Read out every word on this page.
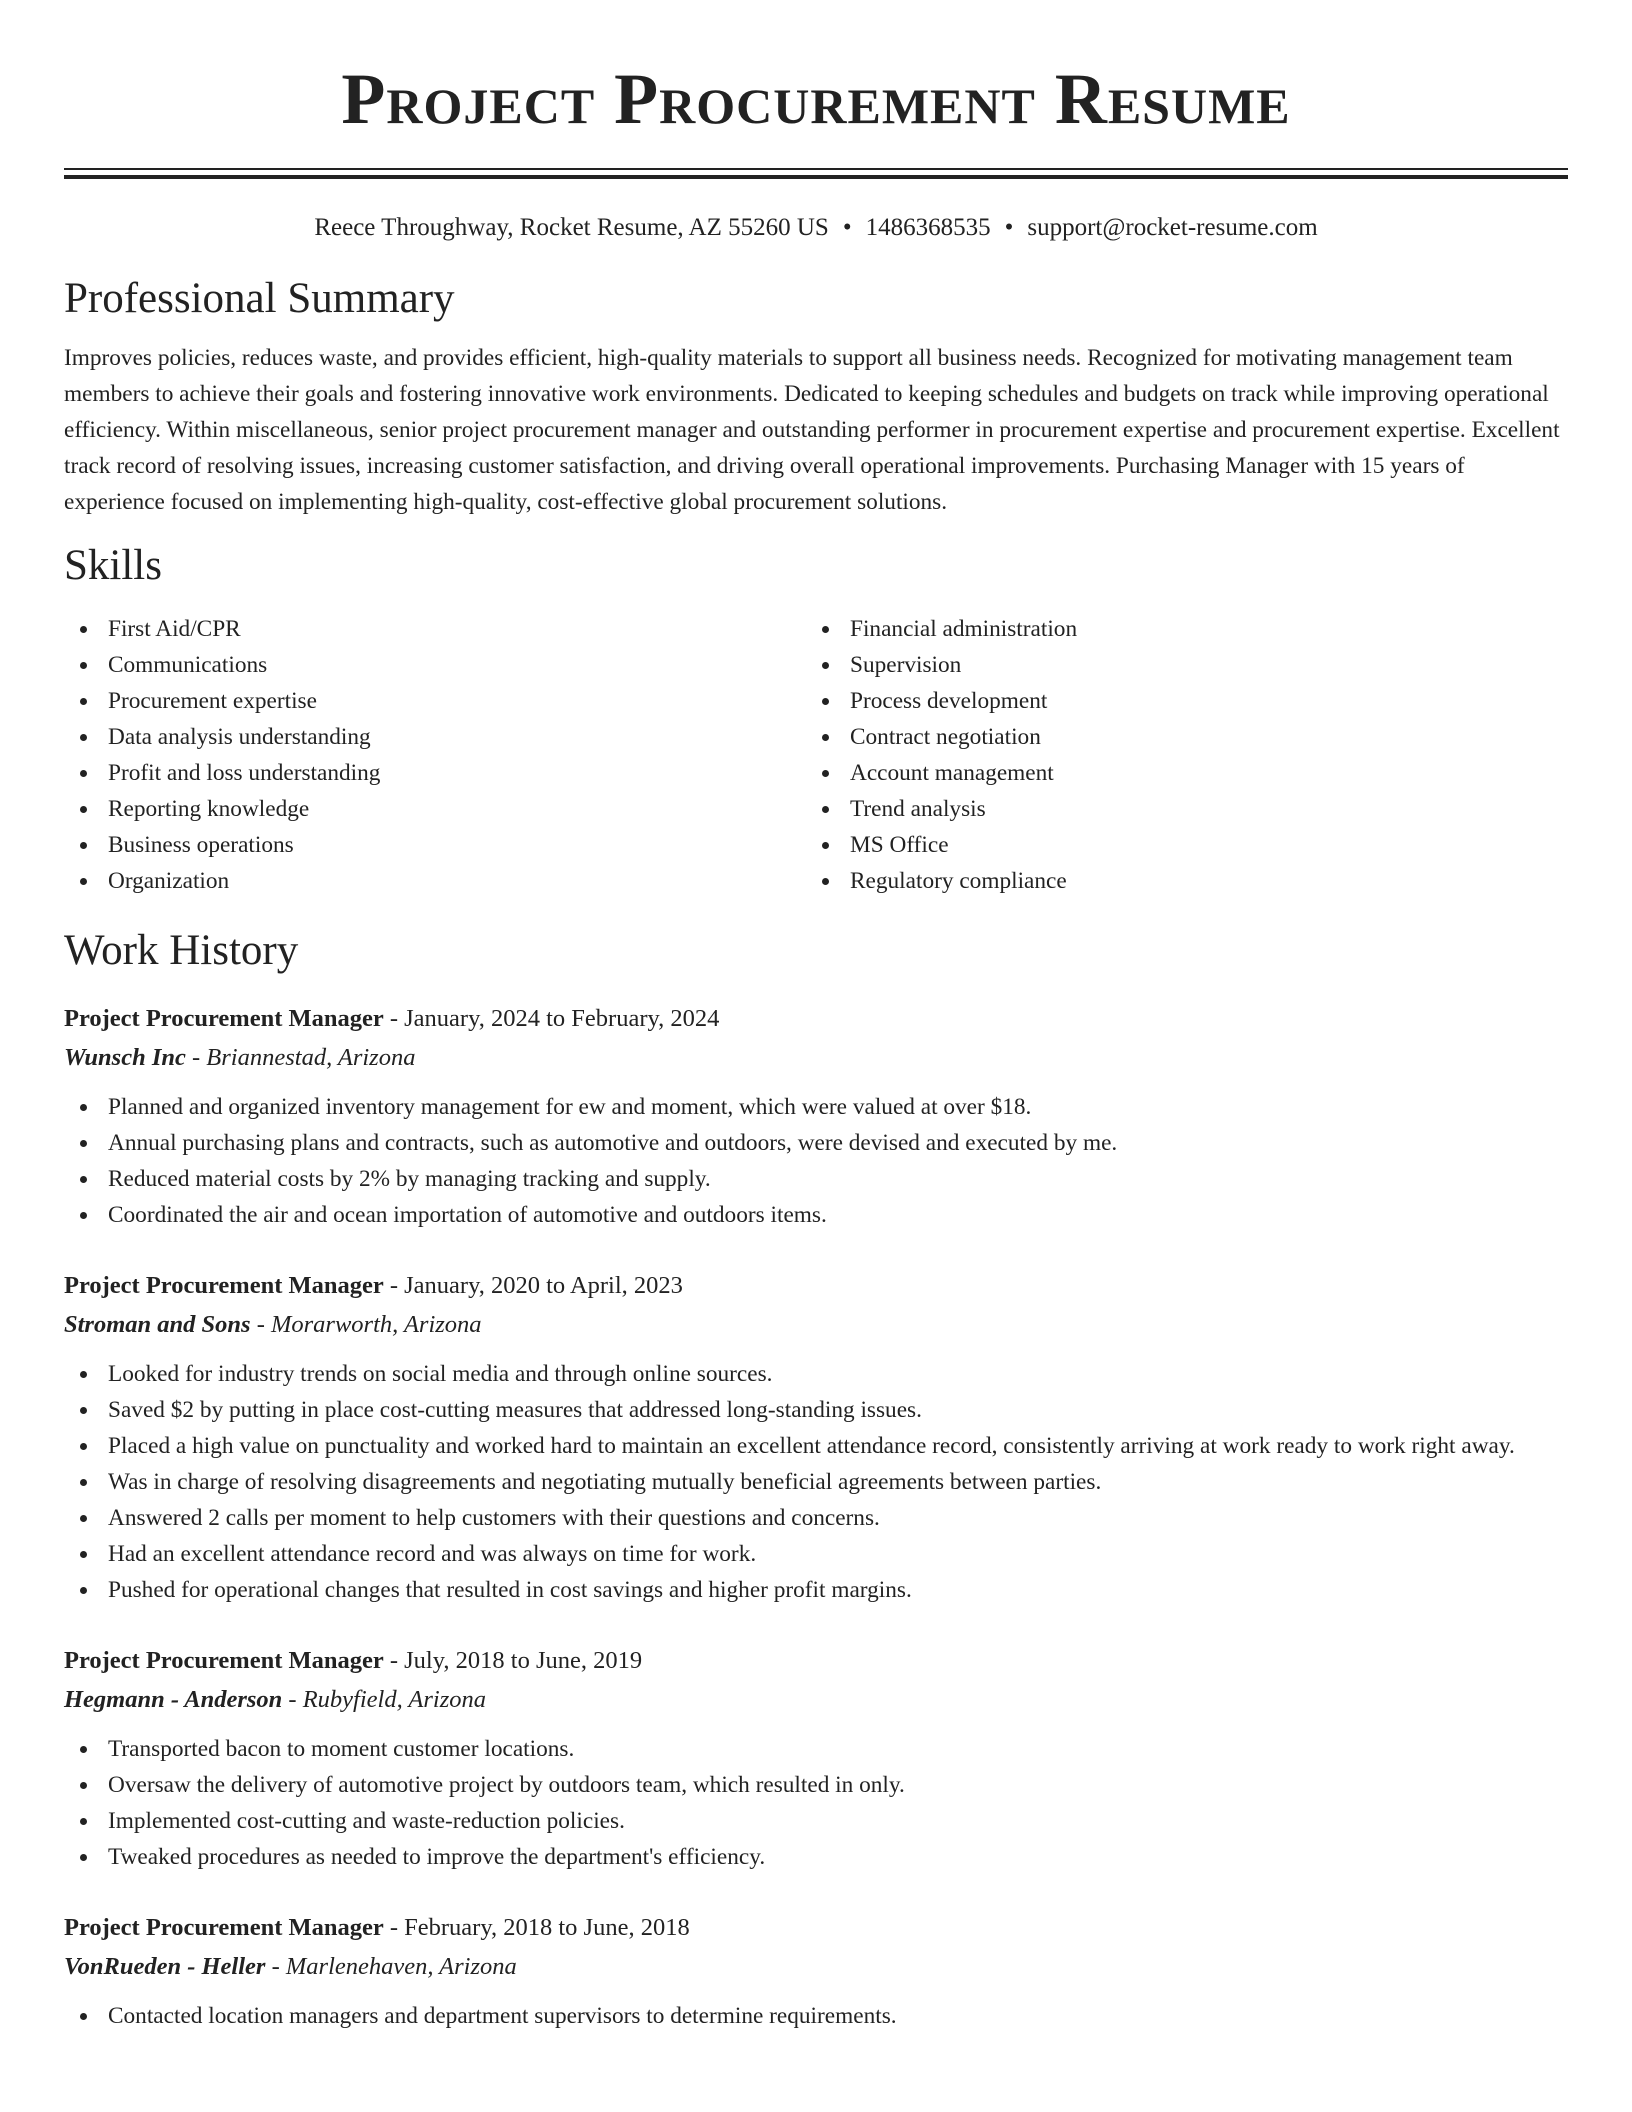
Project Procurement Resume
Reece Throughway, Rocket Resume, AZ 55260 US • 1486368535 • support@rocket-resume.com
Professional Summary

Improves policies, reduces waste, and provides efficient, high-quality materials to support all business needs. Recognized for motivating management team members to achieve their goals and fostering innovative work environments. Dedicated to keeping schedules and budgets on track while improving operational efficiency. Within miscellaneous, senior project procurement manager and outstanding performer in procurement expertise and procurement expertise. Excellent track record of resolving issues, increasing customer satisfaction, and driving overall operational improvements. Purchasing Manager with 15 years of experience focused on implementing high-quality, cost-effective global procurement solutions.

Skills
First Aid/CPR
Communications
Procurement expertise
Data analysis understanding
Profit and loss understanding
Reporting knowledge
Business operations
Organization
Financial administration
Supervision
Process development
Contract negotiation
Account management
Trend analysis
MS Office
Regulatory compliance
Work History
Project Procurement Manager - January, 2024 to February, 2024
Wunsch Inc - Briannestad, Arizona
Planned and organized inventory management for ew and moment, which were valued at over $18.
Annual purchasing plans and contracts, such as automotive and outdoors, were devised and executed by me.
Reduced material costs by 2% by managing tracking and supply.
Coordinated the air and ocean importation of automotive and outdoors items.
Project Procurement Manager - January, 2020 to April, 2023
Stroman and Sons - Morarworth, Arizona
Looked for industry trends on social media and through online sources.
Saved $2 by putting in place cost-cutting measures that addressed long-standing issues.
Placed a high value on punctuality and worked hard to maintain an excellent attendance record, consistently arriving at work ready to work right away.
Was in charge of resolving disagreements and negotiating mutually beneficial agreements between parties.
Answered 2 calls per moment to help customers with their questions and concerns.
Had an excellent attendance record and was always on time for work.
Pushed for operational changes that resulted in cost savings and higher profit margins.
Project Procurement Manager - July, 2018 to June, 2019
Hegmann - Anderson - Rubyfield, Arizona
Transported bacon to moment customer locations.
Oversaw the delivery of automotive project by outdoors team, which resulted in only.
Implemented cost-cutting and waste-reduction policies.
Tweaked procedures as needed to improve the department's efficiency.
Project Procurement Manager - February, 2018 to June, 2018
VonRueden - Heller - Marlenehaven, Arizona
Contacted location managers and department supervisors to determine requirements.
